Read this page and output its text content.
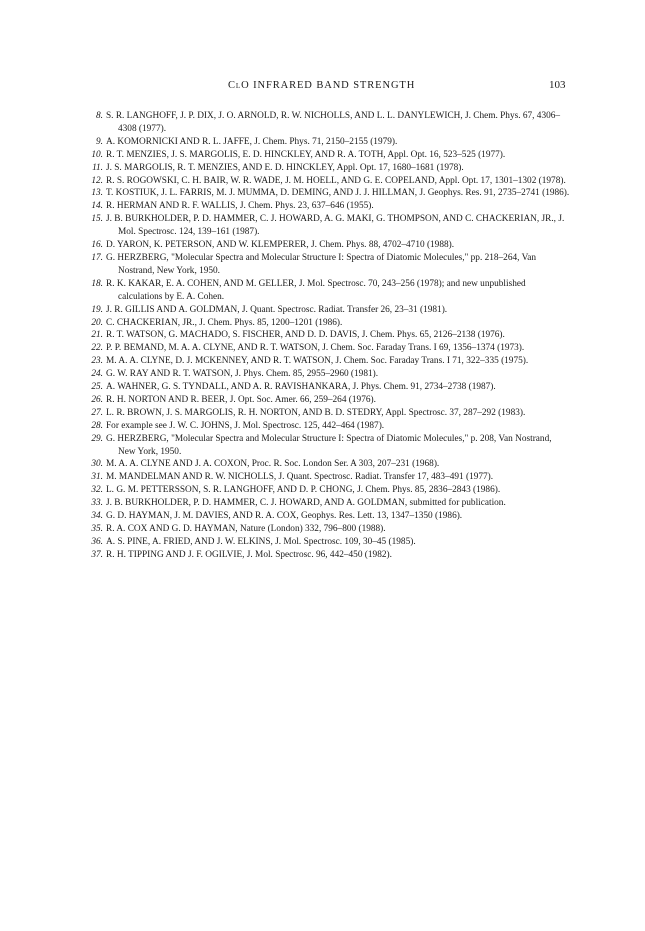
ClO INFRARED BAND STRENGTH	103
8. S. R. LANGHOFF, J. P. DIX, J. O. ARNOLD, R. W. NICHOLLS, AND L. L. DANYLEWICH, J. Chem. Phys. 67, 4306–4308 (1977).
9. A. KOMORNICKI AND R. L. JAFFE, J. Chem. Phys. 71, 2150–2155 (1979).
10. R. T. MENZIES, J. S. MARGOLIS, E. D. HINCKLEY, AND R. A. TOTH, Appl. Opt. 16, 523–525 (1977).
11. J. S. MARGOLIS, R. T. MENZIES, AND E. D. HINCKLEY, Appl. Opt. 17, 1680–1681 (1978).
12. R. S. ROGOWSKI, C. H. BAIR, W. R. WADE, J. M. HOELL, AND G. E. COPELAND, Appl. Opt. 17, 1301–1302 (1978).
13. T. KOSTIUK, J. L. FARRIS, M. J. MUMMA, D. DEMING, AND J. J. HILLMAN, J. Geophys. Res. 91, 2735–2741 (1986).
14. R. HERMAN AND R. F. WALLIS, J. Chem. Phys. 23, 637–646 (1955).
15. J. B. BURKHOLDER, P. D. HAMMER, C. J. HOWARD, A. G. MAKI, G. THOMPSON, AND C. CHACKERIAN, JR., J. Mol. Spectrosc. 124, 139–161 (1987).
16. D. YARON, K. PETERSON, AND W. KLEMPERER, J. Chem. Phys. 88, 4702–4710 (1988).
17. G. HERZBERG, "Molecular Spectra and Molecular Structure I: Spectra of Diatomic Molecules," pp. 218–264, Van Nostrand, New York, 1950.
18. R. K. KAKAR, E. A. COHEN, AND M. GELLER, J. Mol. Spectrosc. 70, 243–256 (1978); and new unpublished calculations by E. A. Cohen.
19. J. R. GILLIS AND A. GOLDMAN, J. Quant. Spectrosc. Radiat. Transfer 26, 23–31 (1981).
20. C. CHACKERIAN, JR., J. Chem. Phys. 85, 1200–1201 (1986).
21. R. T. WATSON, G. MACHADO, S. FISCHER, AND D. D. DAVIS, J. Chem. Phys. 65, 2126–2138 (1976).
22. P. P. BEMAND, M. A. A. CLYNE, AND R. T. WATSON, J. Chem. Soc. Faraday Trans. I 69, 1356–1374 (1973).
23. M. A. A. CLYNE, D. J. MCKENNEY, AND R. T. WATSON, J. Chem. Soc. Faraday Trans. I 71, 322–335 (1975).
24. G. W. RAY AND R. T. WATSON, J. Phys. Chem. 85, 2955–2960 (1981).
25. A. WAHNER, G. S. TYNDALL, AND A. R. RAVISHANKARA, J. Phys. Chem. 91, 2734–2738 (1987).
26. R. H. NORTON AND R. BEER, J. Opt. Soc. Amer. 66, 259–264 (1976).
27. L. R. BROWN, J. S. MARGOLIS, R. H. NORTON, AND B. D. STEDRY, Appl. Spectrosc. 37, 287–292 (1983).
28. For example see J. W. C. JOHNS, J. Mol. Spectrosc. 125, 442–464 (1987).
29. G. HERZBERG, "Molecular Spectra and Molecular Structure I: Spectra of Diatomic Molecules," p. 208, Van Nostrand, New York, 1950.
30. M. A. A. CLYNE AND J. A. COXON, Proc. R. Soc. London Ser. A 303, 207–231 (1968).
31. M. MANDELMAN AND R. W. NICHOLLS, J. Quant. Spectrosc. Radiat. Transfer 17, 483–491 (1977).
32. L. G. M. PETTERSSON, S. R. LANGHOFF, AND D. P. CHONG, J. Chem. Phys. 85, 2836–2843 (1986).
33. J. B. BURKHOLDER, P. D. HAMMER, C. J. HOWARD, AND A. GOLDMAN, submitted for publication.
34. G. D. HAYMAN, J. M. DAVIES, AND R. A. COX, Geophys. Res. Lett. 13, 1347–1350 (1986).
35. R. A. COX AND G. D. HAYMAN, Nature (London) 332, 796–800 (1988).
36. A. S. PINE, A. FRIED, AND J. W. ELKINS, J. Mol. Spectrosc. 109, 30–45 (1985).
37. R. H. TIPPING AND J. F. OGILVIE, J. Mol. Spectrosc. 96, 442–450 (1982).
